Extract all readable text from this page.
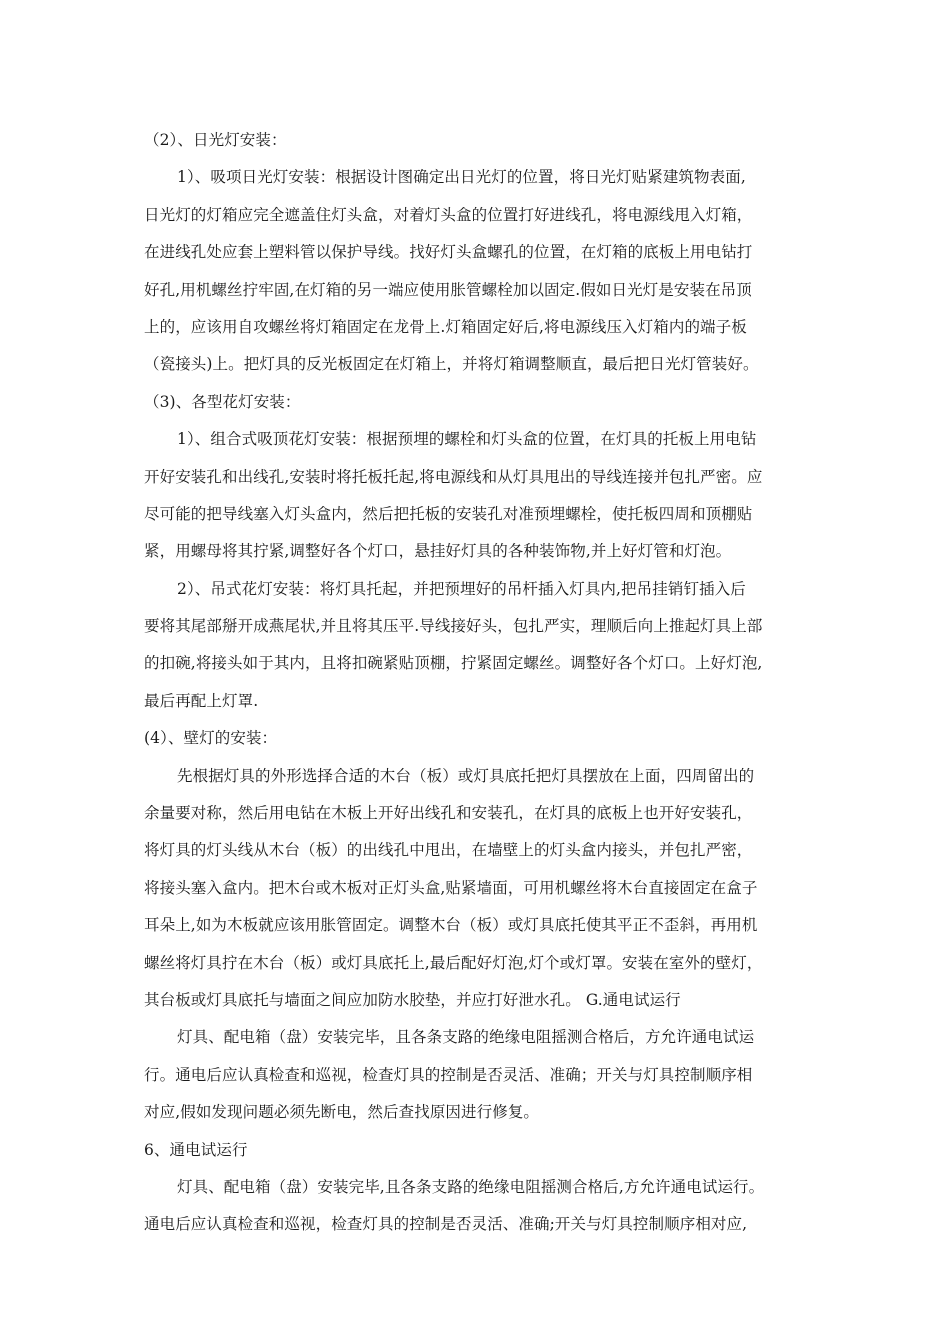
（2）、日光灯安装：
1）、吸项日光灯安装：根据设计图确定出日光灯的位置，将日光灯贴紧建筑物表面,
日光灯的灯箱应完全遮盖住灯头盒，对着灯头盒的位置打好进线孔，将电源线甩入灯箱，
在进线孔处应套上塑料管以保护导线。找好灯头盒螺孔的位置，在灯箱的底板上用电钻打
好孔,用机螺丝拧牢固,在灯箱的另一端应使用胀管螺栓加以固定.假如日光灯是安装在吊顶
上的，应该用自攻螺丝将灯箱固定在龙骨上.灯箱固定好后,将电源线压入灯箱内的端子板
（瓷接头)上。把灯具的反光板固定在灯箱上，并将灯箱调整顺直，最后把日光灯管装好。
（3)、各型花灯安装：
1）、组合式吸顶花灯安装：根据预埋的螺栓和灯头盒的位置，在灯具的托板上用电钻
开好安装孔和出线孔,安装时将托板托起,将电源线和从灯具甩出的导线连接并包扎严密。应
尽可能的把导线塞入灯头盒内，然后把托板的安装孔对准预埋螺栓，使托板四周和顶棚贴
紧，用螺母将其拧紧,调整好各个灯口，悬挂好灯具的各种装饰物,并上好灯管和灯泡。
2）、吊式花灯安装：将灯具托起，并把预埋好的吊杆插入灯具内,把吊挂销钉插入后
要将其尾部掰开成燕尾状,并且将其压平.导线接好头，包扎严实，理顺后向上推起灯具上部
的扣碗,将接头如于其内，且将扣碗紧贴顶棚，拧紧固定螺丝。调整好各个灯口。上好灯泡,
最后再配上灯罩.
(4）、壁灯的安装：
先根据灯具的外形选择合适的木台（板）或灯具底托把灯具摆放在上面，四周留出的
余量要对称，然后用电钻在木板上开好出线孔和安装孔，在灯具的底板上也开好安装孔，
将灯具的灯头线从木台（板）的出线孔中甩出，在墙壁上的灯头盒内接头，并包扎严密，
将接头塞入盒内。把木台或木板对正灯头盒,贴紧墙面，可用机螺丝将木台直接固定在盒子
耳朵上,如为木板就应该用胀管固定。调整木台（板）或灯具底托使其平正不歪斜，再用机
螺丝将灯具拧在木台（板）或灯具底托上,最后配好灯泡,灯个或灯罩。安装在室外的壁灯，
其台板或灯具底托与墙面之间应加防水胶垫，并应打好泄水孔。 G.通电试运行
灯具、配电箱（盘）安装完毕，且各条支路的绝缘电阻摇测合格后，方允许通电试运
行。通电后应认真检查和巡视，检查灯具的控制是否灵活、准确；开关与灯具控制顺序相
对应,假如发现问题必须先断电，然后查找原因进行修复。
6、通电试运行
灯具、配电箱（盘）安装完毕,且各条支路的绝缘电阻摇测合格后,方允许通电试运行。
通电后应认真检查和巡视，检查灯具的控制是否灵活、准确;开关与灯具控制顺序相对应,
